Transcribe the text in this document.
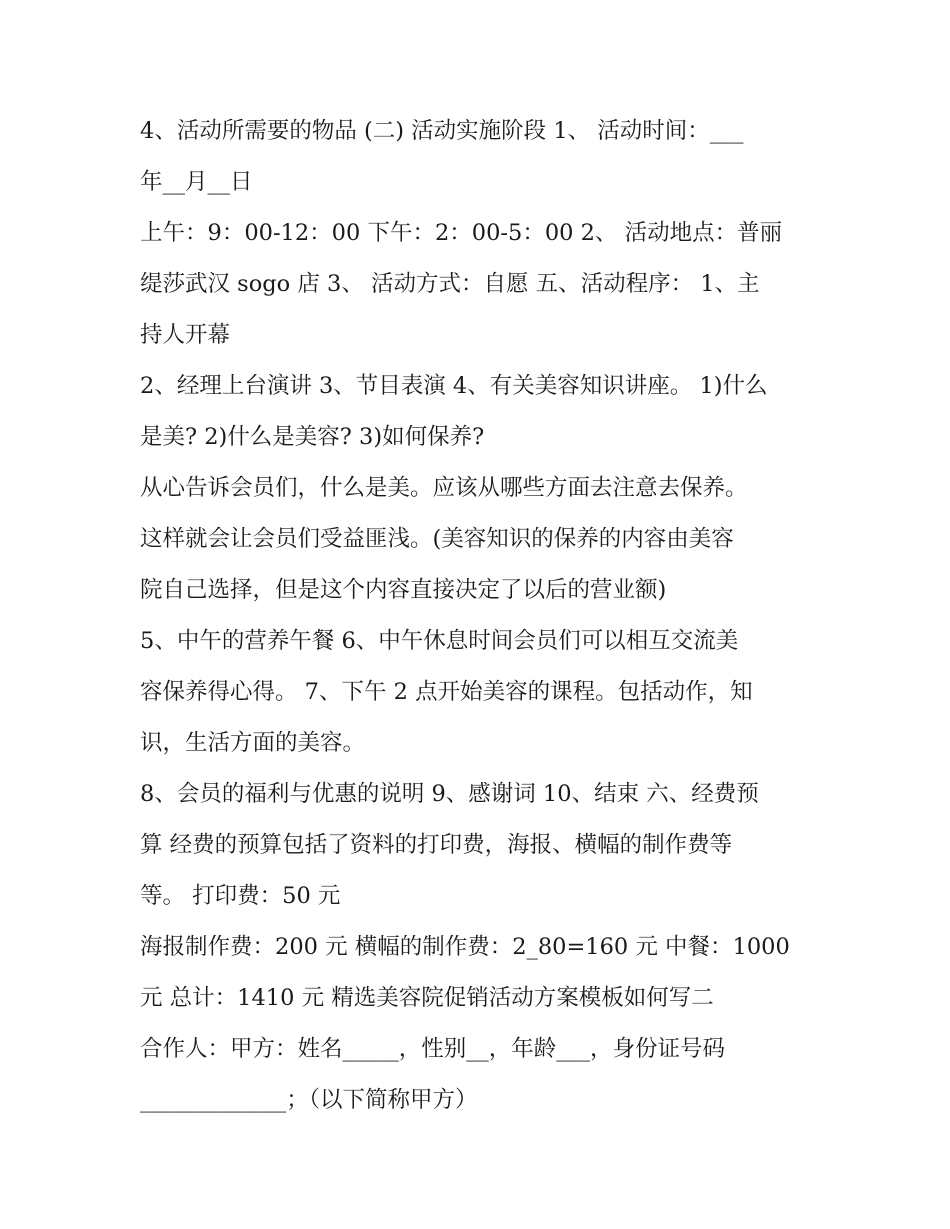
4、活动所需要的物品 (二) 活动实施阶段 1、 活动时间：___

年__月__日

上午：9：00-12：00 下午：2：00-5：00 2、 活动地点：普丽

缇莎武汉 sogo 店 3、 活动方式：自愿 五、活动程序： 1、主

持人开幕

2、经理上台演讲 3、节目表演 4、有关美容知识讲座。 1)什么

是美? 2)什么是美容? 3)如何保养?

从心告诉会员们，什么是美。应该从哪些方面去注意去保养。

这样就会让会员们受益匪浅。(美容知识的保养的内容由美容

院自己选择，但是这个内容直接决定了以后的营业额)

5、中午的营养午餐 6、中午休息时间会员们可以相互交流美

容保养得心得。 7、下午 2 点开始美容的课程。包括动作，知

识，生活方面的美容。

8、会员的福利与优惠的说明 9、感谢词 10、结束 六、经费预

算 经费的预算包括了资料的打印费，海报、横幅的制作费等

等。 打印费：50 元

海报制作费：200 元 横幅的制作费：2_80=160 元 中餐：1000

元 总计：1410 元 精选美容院促销活动方案模板如何写二

合作人：甲方：姓名_____，性别__，年龄___，身份证号码

_____________；（以下简称甲方）
